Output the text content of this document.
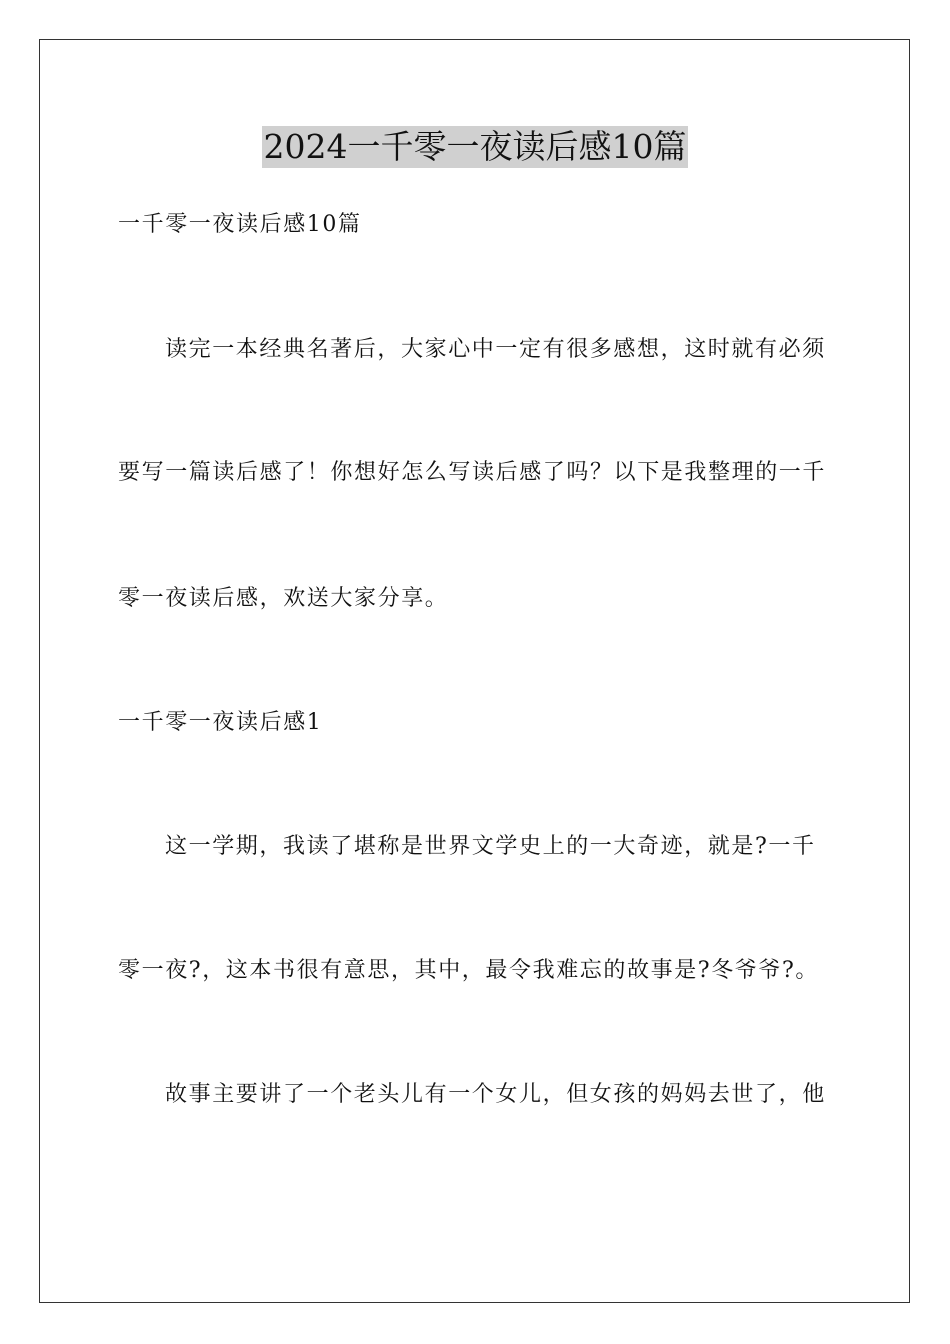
2024一千零一夜读后感10篇
一千零一夜读后感10篇
读完一本经典名著后，大家心中一定有很多感想，这时就有必须
要写一篇读后感了！你想好怎么写读后感了吗？以下是我整理的一千
零一夜读后感，欢送大家分享。
一千零一夜读后感1
这一学期，我读了堪称是世界文学史上的一大奇迹，就是?一千
零一夜?，这本书很有意思，其中，最令我难忘的故事是?冬爷爷?。
故事主要讲了一个老头儿有一个女儿，但女孩的妈妈去世了，他
